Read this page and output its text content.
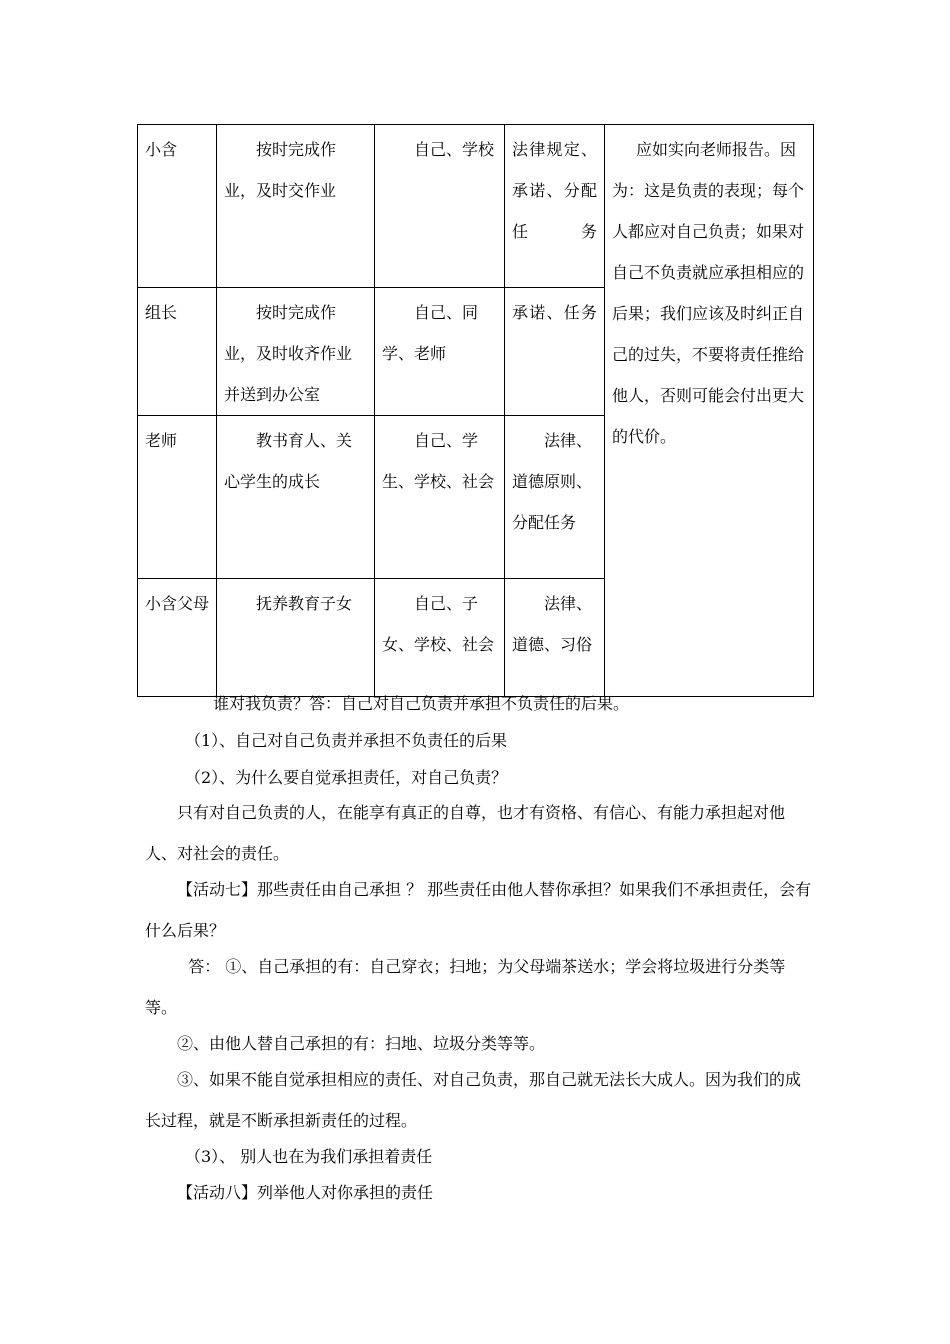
小含	按时完成作业，及时交作业	自己、学校	法律规定、承诺、分配任务	应如实向老师报告。因为：这是负责的表现；每个人都应对自己负责；如果对自己不负责就应承担相应的后果；我们应该及时纠正自己的过失，不要将责任推给他人，否则可能会付出更大的代价。
组长	按时完成作业，及时收齐作业并送到办公室	自己、同学、老师	承诺、任务	
老师	教书育人、关心学生的成长	自己、学生、学校、社会	法律、道德原则、分配任务	
小含父母	抚养教育子女	自己、子女、学校、社会	法律、道德、习俗	

谁对我负责？答：自己对自己负责并承担不负责任的后果。

（1）、自己对自己负责并承担不负责任的后果

（2）、为什么要自觉承担责任，对自己负责？

只有对自己负责的人，在能享有真正的自尊，也才有资格、有信心、有能力承担起对他人、对社会的责任。

【活动七】那些责任由自己承担 ？ 那些责任由他人替你承担？如果我们不承担责任，会有什么后果？

答： ①、自己承担的有：自己穿衣；扫地；为父母端茶送水；学会将垃圾进行分类等等。

②、由他人替自己承担的有：扫地、垃圾分类等等。

③、如果不能自觉承担相应的责任、对自己负责，那自己就无法长大成人。因为我们的成长过程，就是不断承担新责任的过程。

（3）、 别人也在为我们承担着责任

【活动八】列举他人对你承担的责任
